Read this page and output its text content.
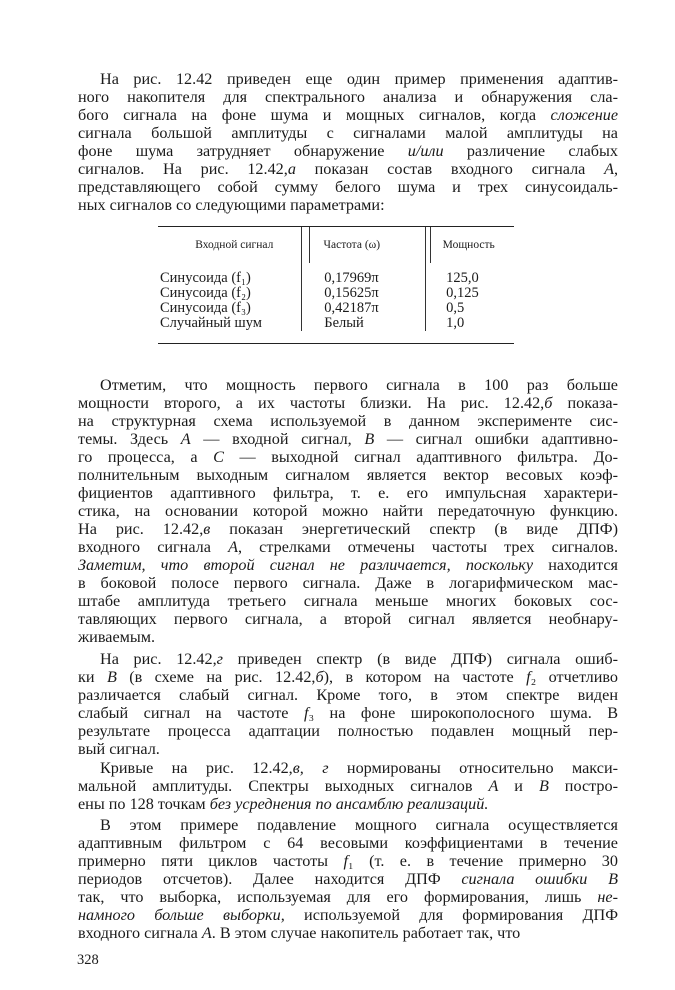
На рис. 12.42 приведен еще один пример применения адаптив-
ного накопителя для спектрального анализа и обнаружения сла-
бого сигнала на фоне шума и мощных сигналов, когда сложение
сигнала большой амплитуды с сигналами малой амплитуды на
фоне шума затрудняет обнаружение и/или различение слабых
сигналов. На рис. 12.42,а показан состав входного сигнала А,
представляющего собой сумму белого шума и трех синусоидаль-
ных сигналов со следующими параметрами:
Отметим, что мощность первого сигнала в 100 раз больше
мощности второго, а их частоты близки. На рис. 12.42,б показа-
на структурная схема используемой в данном эксперименте сис-
темы. Здесь А — входной сигнал, В — сигнал ошибки адаптивно-
го процесса, а С — выходной сигнал адаптивного фильтра. До-
полнительным выходным сигналом является вектор весовых коэф-
фициентов адаптивного фильтра, т. е. его импульсная характери-
стика, на основании которой можно найти передаточную функцию.
На рис. 12.42,в показан энергетический спектр (в виде ДПФ)
входного сигнала А, стрелками отмечены частоты трех сигналов.
Заметим, что второй сигнал не различается, поскольку находится
в боковой полосе первого сигнала. Даже в логарифмическом мас-
штабе амплитуда третьего сигнала меньше многих боковых сос-
тавляющих первого сигнала, а второй сигнал является необнару-
живаемым.
На рис. 12.42,г приведен спектр (в виде ДПФ) сигнала ошиб-
ки В (в схеме на рис. 12.42,б), в котором на частоте f₂ отчетливо
различается слабый сигнал. Кроме того, в этом спектре виден
слабый сигнал на частоте f₃ на фоне широкополосного шума. В
результате процесса адаптации полностью подавлен мощный пер-
вый сигнал.
Кривые на рис. 12.42,в, г нормированы относительно макси-
мальной амплитуды. Спектры выходных сигналов А и В постро-
ены по 128 точкам без усреднения по ансамблю реализаций.
В этом примере подавление мощного сигнала осуществляется
адаптивным фильтром с 64 весовыми коэффициентами в течение
примерно пяти циклов частоты f₁ (т. е. в течение примерно 30
периодов отсчетов). Далее находится ДПФ сигнала ошибки В
так, что выборка, используемая для его формирования, лишь не-
намного больше выборки, используемой для формирования ДПФ
входного сигнала А. В этом случае накопитель работает так, что
Входной сигнал	Частота (ω)	Мощность
Синусоида (f₁)
Синусоида (f₂)
Синусоида (f₃)
Случайный шум
0,17969π
0,15625π
0,42187π
Белый
125,0
0,125
0,5
1,0
328
